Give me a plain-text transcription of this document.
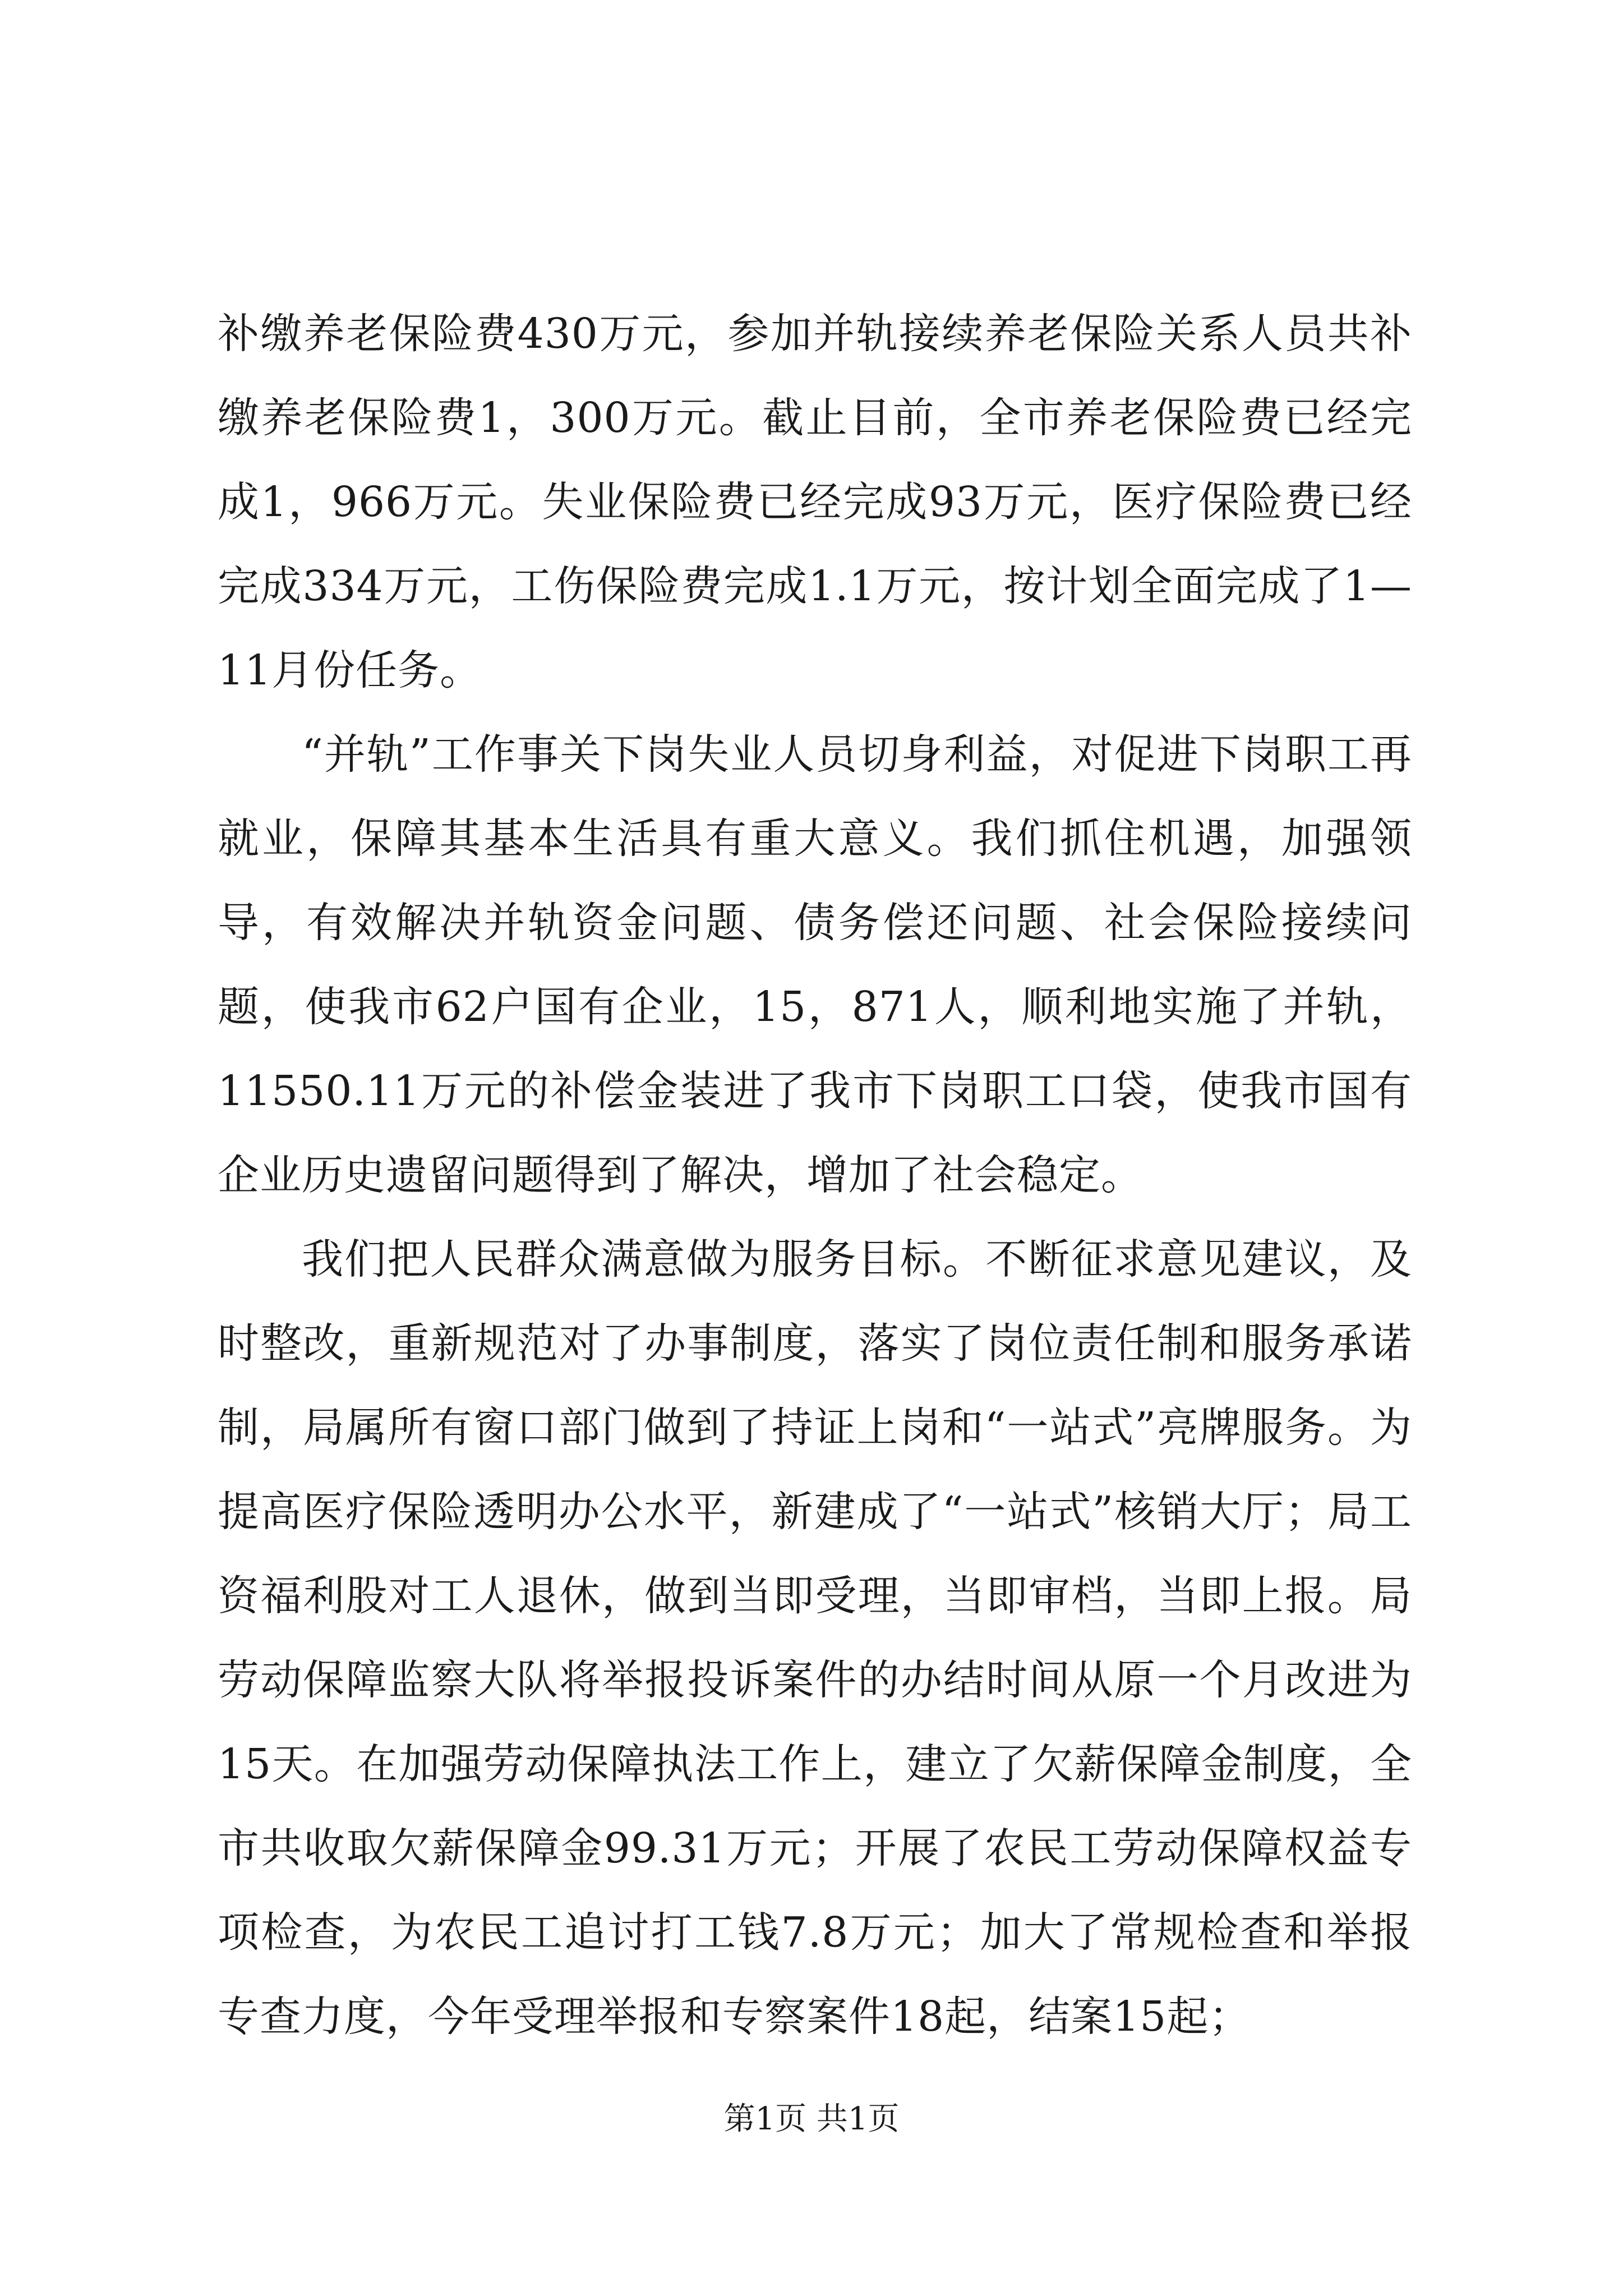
补缴养老保险费430万元，参加并轨接续养老保险关系人员共补缴养老保险费1，300万元。截止目前，全市养老保险费已经完成1，966万元。失业保险费已经完成93万元，医疗保险费已经完成334万元，工伤保险费完成1.1万元，按计划全面完成了1—11月份任务。

“并轨”工作事关下岗失业人员切身利益，对促进下岗职工再就业，保障其基本生活具有重大意义。我们抓住机遇，加强领导，有效解决并轨资金问题、债务偿还问题、社会保险接续问题，使我市62户国有企业，15，871人，顺利地实施了并轨，11550.11万元的补偿金装进了我市下岗职工口袋，使我市国有企业历史遗留问题得到了解决，增加了社会稳定。

我们把人民群众满意做为服务目标。不断征求意见建议，及时整改，重新规范对了办事制度，落实了岗位责任制和服务承诺制，局属所有窗口部门做到了持证上岗和“一站式”亮牌服务。为提高医疗保险透明办公水平，新建成了“一站式”核销大厅；局工资福利股对工人退休，做到当即受理，当即审档，当即上报。局劳动保障监察大队将举报投诉案件的办结时间从原一个月改进为15天。在加强劳动保障执法工作上，建立了欠薪保障金制度，全市共收取欠薪保障金99.31万元；开展了农民工劳动保障权益专项检查，为农民工追讨打工钱7.8万元；加大了常规检查和举报专查力度，今年受理举报和专察案件18起，结案15起；

第1页 共1页
